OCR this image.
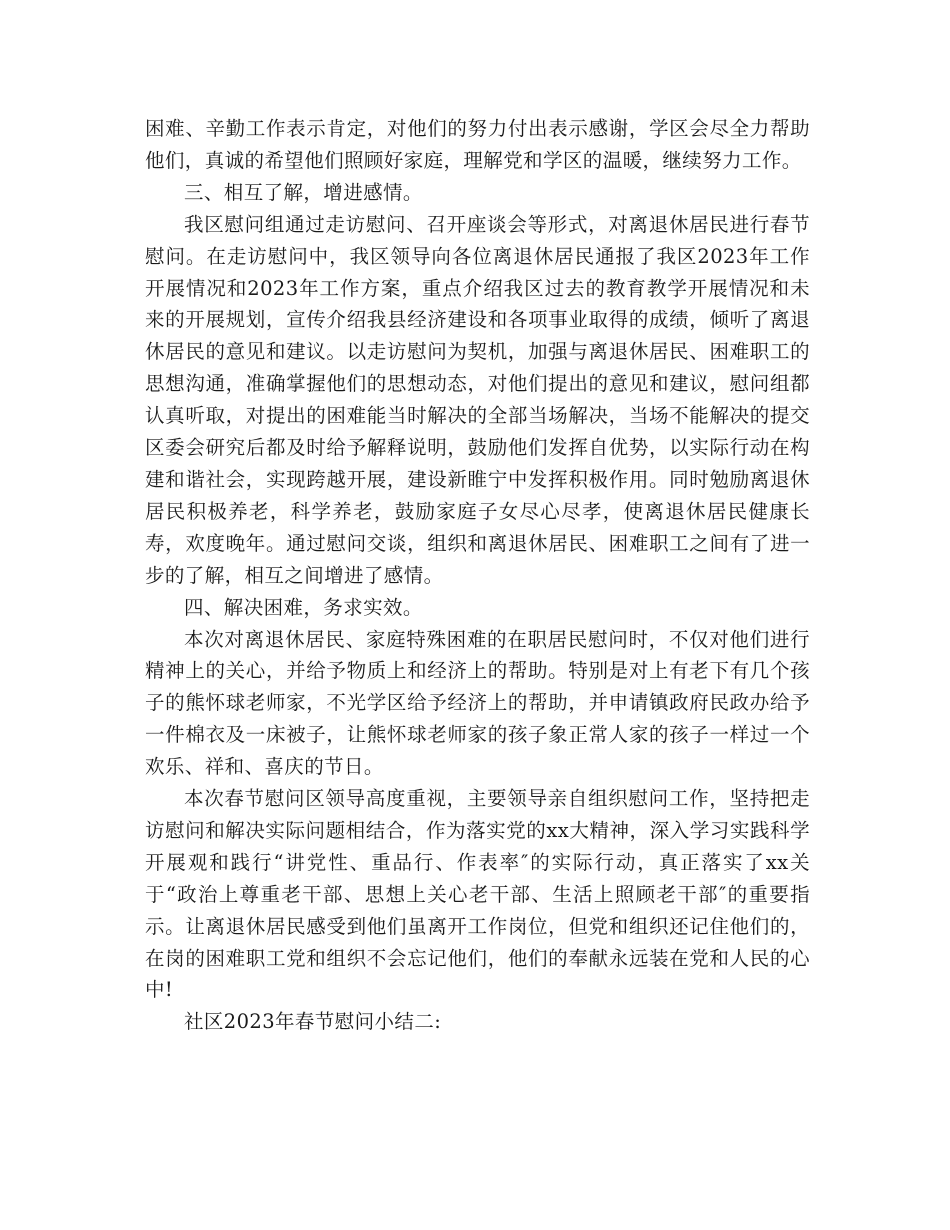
困难、辛勤工作表示肯定，对他们的努力付出表示感谢，学区会尽全力帮助他们，真诚的希望他们照顾好家庭，理解党和学区的温暖，继续努力工作。

三、相互了解，增进感情。

我区慰问组通过走访慰问、召开座谈会等形式，对离退休居民进行春节慰问。在走访慰问中，我区领导向各位离退休居民通报了我区2023年工作开展情况和2023年工作方案，重点介绍我区过去的教育教学开展情况和未来的开展规划，宣传介绍我县经济建设和各项事业取得的成绩，倾听了离退休居民的意见和建议。以走访慰问为契机，加强与离退休居民、困难职工的思想沟通，准确掌握他们的思想动态，对他们提出的意见和建议，慰问组都认真听取，对提出的困难能当时解决的全部当场解决，当场不能解决的提交区委会研究后都及时给予解释说明，鼓励他们发挥自优势，以实际行动在构建和谐社会，实现跨越开展，建设新睢宁中发挥积极作用。同时勉励离退休居民积极养老，科学养老，鼓励家庭子女尽心尽孝，使离退休居民健康长寿，欢度晚年。通过慰问交谈，组织和离退休居民、困难职工之间有了进一步的了解，相互之间增进了感情。

四、解决困难，务求实效。

本次对离退休居民、家庭特殊困难的在职居民慰问时，不仅对他们进行精神上的关心，并给予物质上和经济上的帮助。特别是对上有老下有几个孩子的熊怀球老师家，不光学区给予经济上的帮助，并申请镇政府民政办给予一件棉衣及一床被子，让熊怀球老师家的孩子象正常人家的孩子一样过一个欢乐、祥和、喜庆的节日。

本次春节慰问区领导高度重视，主要领导亲自组织慰问工作，坚持把走访慰问和解决实际问题相结合，作为落实党的xx大精神，深入学习实践科学开展观和践行“讲党性、重品行、作表率″的实际行动，真正落实了xx关于“政治上尊重老干部、思想上关心老干部、生活上照顾老干部″的重要指示。让离退休居民感受到他们虽离开工作岗位，但党和组织还记住他们的，在岗的困难职工党和组织不会忘记他们，他们的奉献永远装在党和人民的心中!

社区2023年春节慰问小结二:
